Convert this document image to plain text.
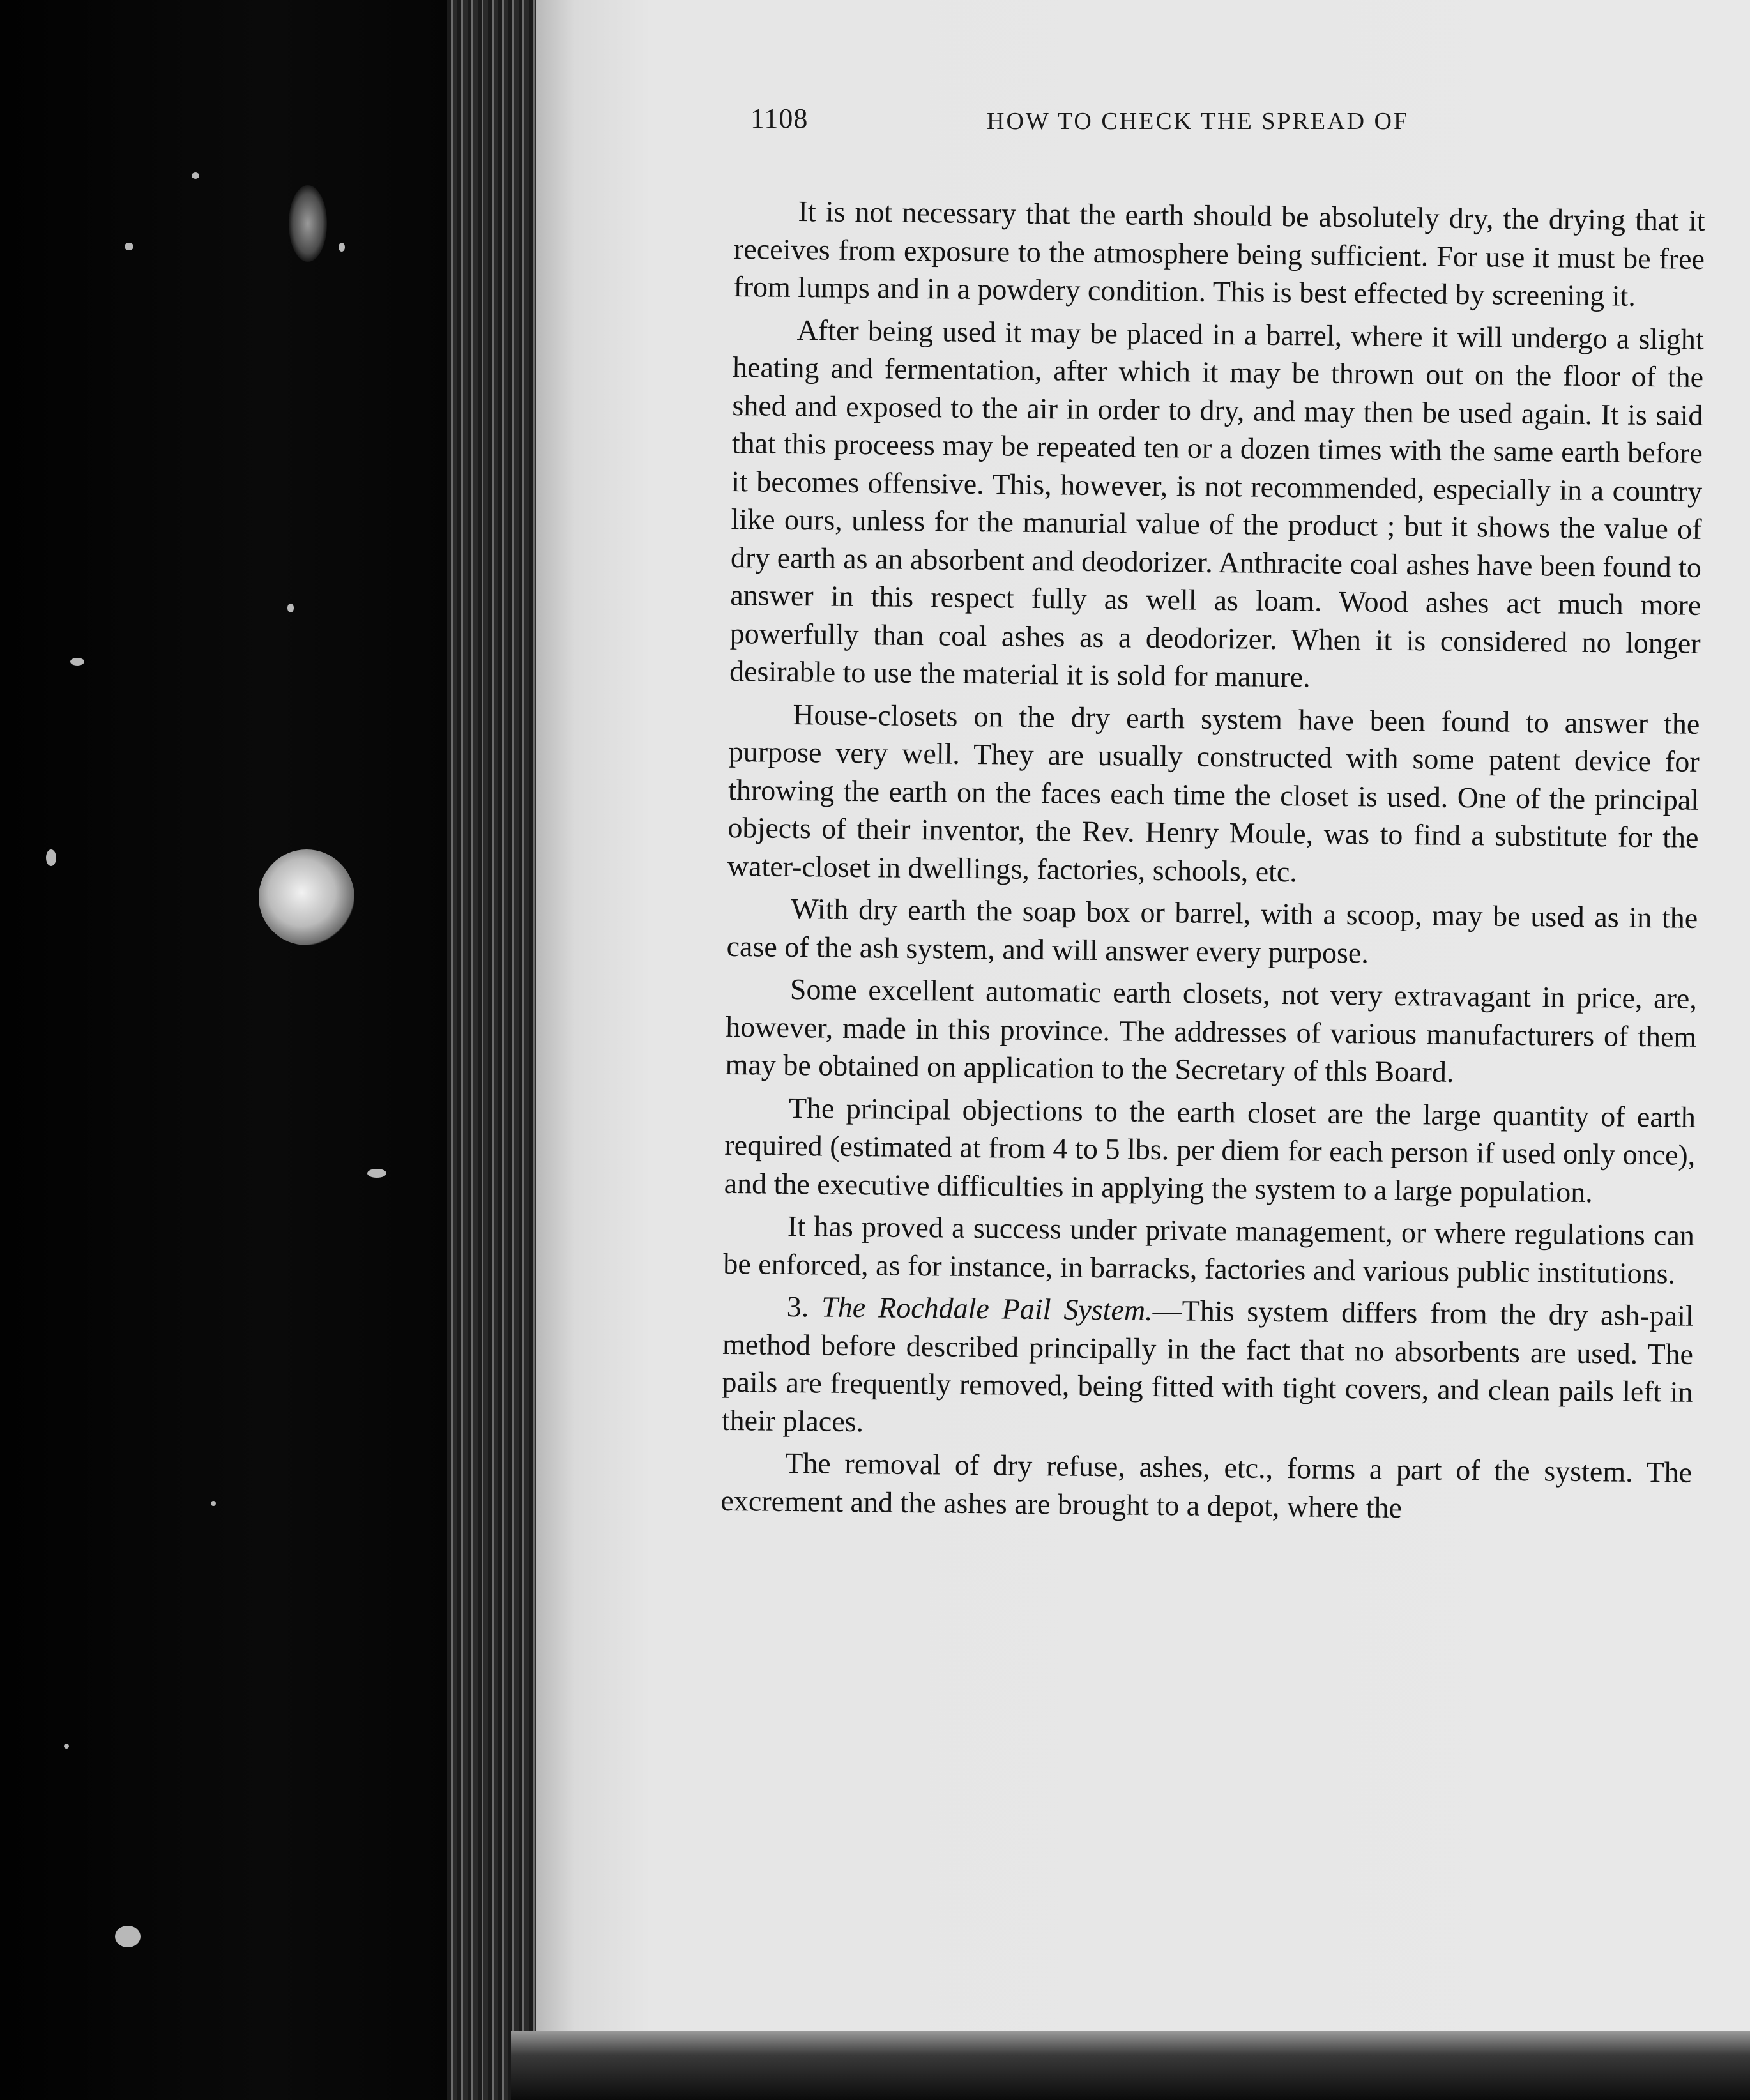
1108	HOW TO CHECK THE SPREAD OF

It is not necessary that the earth should be absolutely dry, the drying that it receives from exposure to the atmosphere being sufficient. For use it must be free from lumps and in a powdery condition. This is best effected by screening it.

After being used it may be placed in a barrel, where it will undergo a slight heating and fermentation, after which it may be thrown out on the floor of the shed and exposed to the air in order to dry, and may then be used again. It is said that this proceess may be repeated ten or a dozen times with the same earth before it becomes offensive. This, however, is not recommended, especially in a country like ours, unless for the manurial value of the product ; but it shows the value of dry earth as an absorbent and deodorizer. Anthracite coal ashes have been found to answer in this respect fully as well as loam. Wood ashes act much more powerfully than coal ashes as a deodorizer. When it is considered no longer desirable to use the material it is sold for manure.

House-closets on the dry earth system have been found to answer the purpose very well. They are usually constructed with some patent device for throwing the earth on the faces each time the closet is used. One of the principal objects of their inventor, the Rev. Henry Moule, was to find a substitute for the water-closet in dwellings, factories, schools, etc.

With dry earth the soap box or barrel, with a scoop, may be used as in the case of the ash system, and will answer every purpose.

Some excellent automatic earth closets, not very extravagant in price, are, however, made in this province. The addresses of various manufacturers of them may be obtained on application to the Secretary of thls Board.

The principal objections to the earth closet are the large quantity of earth required (estimated at from 4 to 5 lbs. per diem for each person if used only once), and the executive difficulties in applying the system to a large population.

It has proved a success under private management, or where regulations can be enforced, as for instance, in barracks, factories and various public institutions.

3. The Rochdale Pail System.—This system differs from the dry ash-pail method before described principally in the fact that no absorbents are used. The pails are frequently removed, being fitted with tight covers, and clean pails left in their places.

The removal of dry refuse, ashes, etc., forms a part of the system. The excrement and the ashes are brought to a depot, where the
